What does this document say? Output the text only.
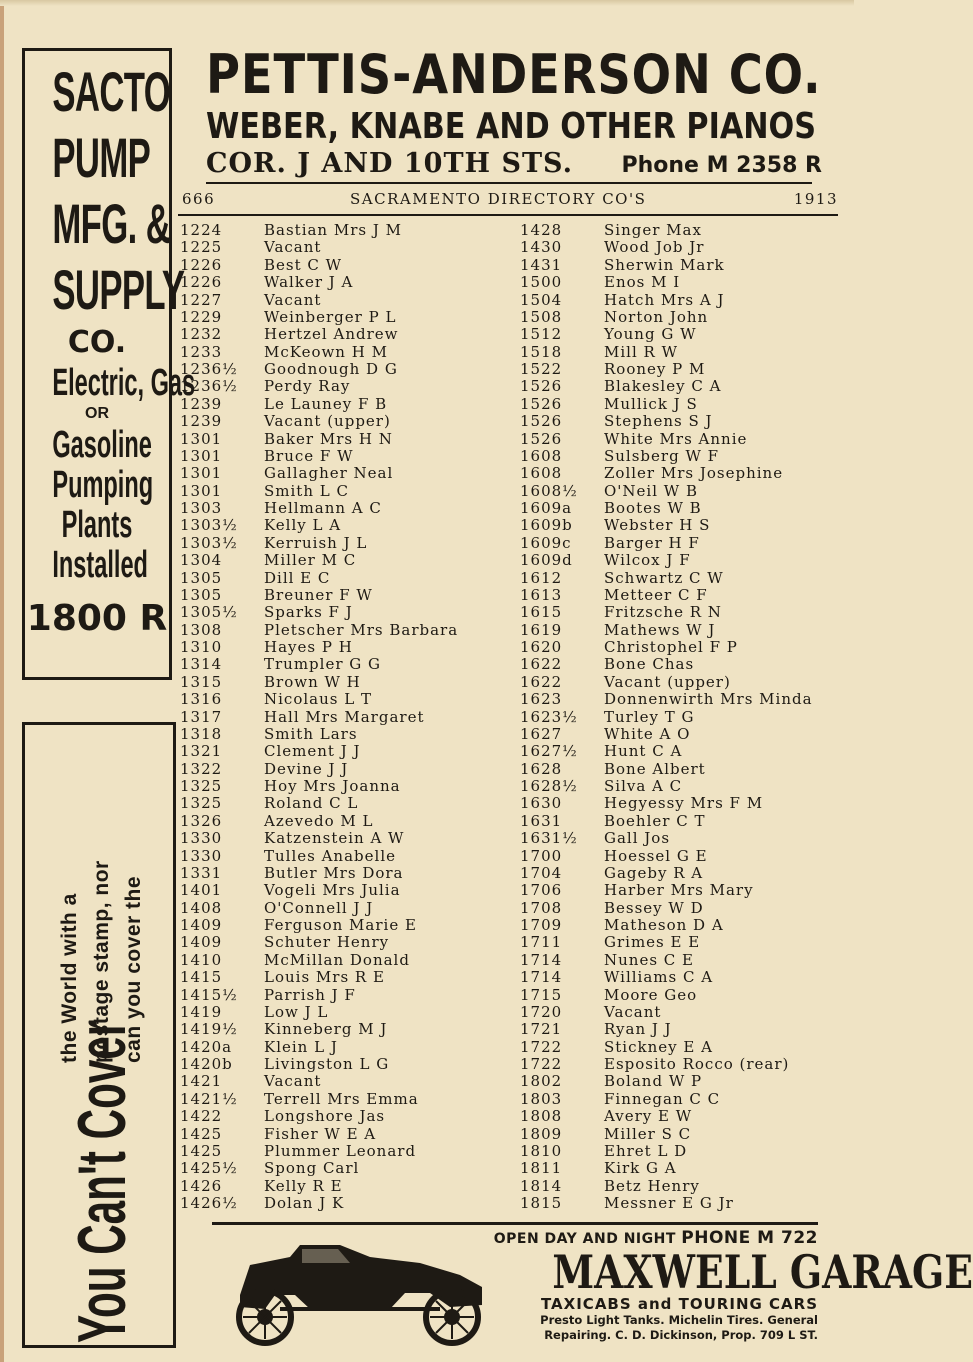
SACTO
PUMP
MFG. &
SUPPLY
CO.
Electric, Gas
OR
Gasoline
Pumping
Plants
Installed
1800 R
You Can't Cover
the World with a postage stamp, nor can you cover the
PETTIS-ANDERSON CO.
WEBER, KNABE AND OTHER PIANOS
COR. J AND 10TH STS. Phone M 2358 R
666	SACRAMENTO DIRECTORY CO'S	1913
1224	Bastian Mrs J M
1225	Vacant
1226	Best C W
1226	Walker J A
1227	Vacant
1229	Weinberger P L
1232	Hertzel Andrew
1233	McKeown H M
1236½	Goodnough D G
1236½	Perdy Ray
1239	Le Launey F B
1239	Vacant (upper)
1301	Baker Mrs H N
1301	Bruce F W
1301	Gallagher Neal
1301	Smith L C
1303	Hellmann A C
1303½	Kelly L A
1303½	Kerruish J L
1304	Miller M C
1305	Dill E C
1305	Breuner F W
1305½	Sparks F J
1308	Pletscher Mrs Barbara
1310	Hayes P H
1314	Trumpler G G
1315	Brown W H
1316	Nicolaus L T
1317	Hall Mrs Margaret
1318	Smith Lars
1321	Clement J J
1322	Devine J J
1325	Hoy Mrs Joanna
1325	Roland C L
1326	Azevedo M L
1330	Katzenstein A W
1330	Tulles Anabelle
1331	Butler Mrs Dora
1401	Vogeli Mrs Julia
1408	O'Connell J J
1409	Ferguson Marie E
1409	Schuter Henry
1410	McMillan Donald
1415	Louis Mrs R E
1415½	Parrish J F
1419	Low J L
1419½	Kinneberg M J
1420a	Klein L J
1420b	Livingston L G
1421	Vacant
1421½	Terrell Mrs Emma
1422	Longshore Jas
1425	Fisher W E A
1425	Plummer Leonard
1425½	Spong Carl
1426	Kelly R E
1426½	Dolan J K
1428	Singer Max
1430	Wood Job Jr
1431	Sherwin Mark
1500	Enos M I
1504	Hatch Mrs A J
1508	Norton John
1512	Young G W
1518	Mill R W
1522	Rooney P M
1526	Blakesley C A
1526	Mullick J S
1526	Stephens S J
1526	White Mrs Annie
1608	Sulsberg W F
1608	Zoller Mrs Josephine
1608½	O'Neil W B
1609a	Bootes W B
1609b	Webster H S
1609c	Barger H F
1609d	Wilcox J F
1612	Schwartz C W
1613	Metteer C F
1615	Fritzsche R N
1619	Mathews W J
1620	Christophel F P
1622	Bone Chas
1622	Vacant (upper)
1623	Donnenwirth Mrs Minda
1623½	Turley T G
1627	White A O
1627½	Hunt C A
1628	Bone Albert
1628½	Silva A C
1630	Hegyessy Mrs F M
1631	Boehler C T
1631½	Gall Jos
1700	Hoessel G E
1704	Gageby R A
1706	Harber Mrs Mary
1708	Bessey W D
1709	Matheson D A
1711	Grimes E E
1714	Nunes C E
1714	Williams C A
1715	Moore Geo
1720	Vacant
1721	Ryan J J
1722	Stickney E A
1722	Esposito Rocco (rear)
1802	Boland W P
1803	Finnegan C C
1808	Avery E W
1809	Miller S C
1810	Ehret L D
1811	Kirk G A
1814	Betz Henry
1815	Messner E G Jr
OPEN DAY AND NIGHT PHONE M 722
MAXWELL GARAGE
TAXICABS and TOURING CARS
Presto Light Tanks. Michelin Tires. General
Repairing. C. D. Dickinson, Prop. 709 L ST.
